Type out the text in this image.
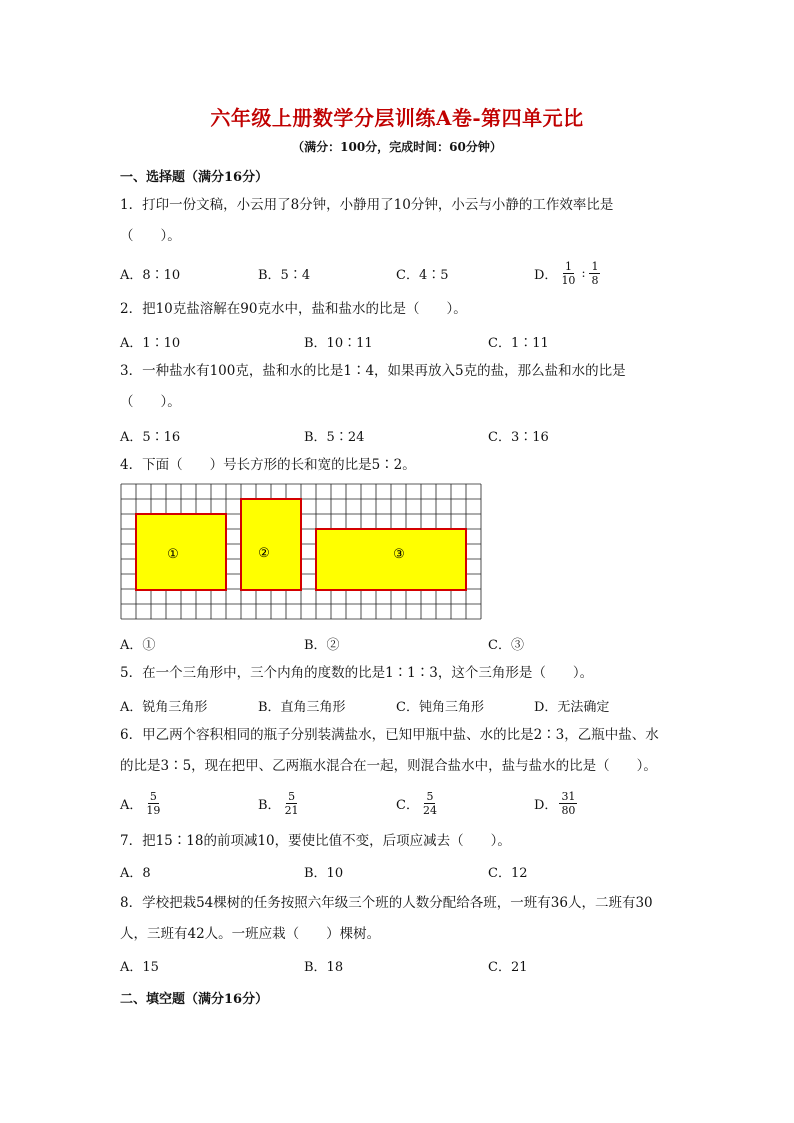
六年级上册数学分层训练A卷-第四单元比
（满分：100分，完成时间：60分钟）
一、选择题（满分16分）
1．打印一份文稿，小云用了8分钟，小静用了10分钟，小云与小静的工作效率比是
（　　）。
A．8∶10	B．5∶4	C．4∶5	D． $\frac{1}{10}$ : $\frac{1}{8}$
2．把10克盐溶解在90克水中，盐和盐水的比是（　　）。
A．1∶10	B．10∶11	C．1∶11
3．一种盐水有100克，盐和水的比是1∶4，如果再放入5克的盐，那么盐和水的比是
（　　）。
A．5∶16	B．5∶24	C．3∶16
4．下面（　　）号长方形的长和宽的比是5∶2。
①	②	③
A．①	B．②	C．③
5．在一个三角形中，三个内角的度数的比是1∶1∶3，这个三角形是（　　）。
A．锐角三角形	B．直角三角形	C．钝角三角形	D．无法确定
6．甲乙两个容积相同的瓶子分别装满盐水，已知甲瓶中盐、水的比是2∶3，乙瓶中盐、水
的比是3∶5，现在把甲、乙两瓶水混合在一起，则混合盐水中，盐与盐水的比是（　　）。
A． $\frac{5}{19}$	B． $\frac{5}{21}$	C． $\frac{5}{24}$	D． $\frac{31}{80}$
7．把15∶18的前项减10，要使比值不变，后项应减去（　　）。
A．8	B．10	C．12
8．学校把栽54棵树的任务按照六年级三个班的人数分配给各班，一班有36人，二班有30
人，三班有42人。一班应栽（　　）棵树。
A．15	B．18	C．21
二、填空题（满分16分）
